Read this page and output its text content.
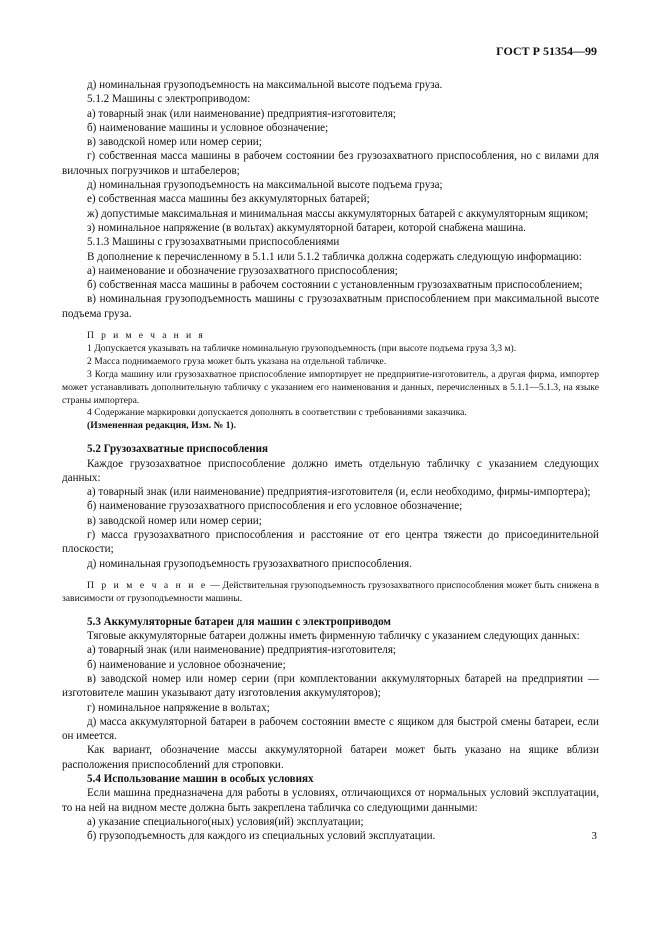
ГОСТ Р 51354—99

д) номинальная грузоподъемность на максимальной высоте подъема груза.

5.1.2 Машины с электроприводом:

а) товарный знак (или наименование) предприятия-изготовителя;

б) наименование машины и условное обозначение;

в) заводской номер или номер серии;

г) собственная масса машины в рабочем состоянии без грузозахватного приспособления, но с вилами для вилочных погрузчиков и штабелеров;

д) номинальная грузоподъемность на максимальной высоте подъема груза;

е) собственная масса машины без аккумуляторных батарей;

ж) допустимые максимальная и минимальная массы аккумуляторных батарей с аккумуляторным ящиком;

з) номинальное напряжение (в вольтах) аккумуляторной батареи, которой снабжена машина.

5.1.3 Машины с грузозахватными приспособлениями

В дополнение к перечисленному в 5.1.1 или 5.1.2 табличка должна содержать следующую информацию:

а) наименование и обозначение грузозахватного приспособления;

б) собственная масса машины в рабочем состоянии с установленным грузозахватным приспособлением;

в) номинальная грузоподъемность машины с грузозахватным приспособлением при максимальной высоте подъема груза.

П р и м е ч а н и я

1 Допускается указывать на табличке номинальную грузоподъемность (при высоте подъема груза 3,3 м).

2 Масса поднимаемого груза может быть указана на отдельной табличке.

3 Когда машину или грузозахватное приспособление импортирует не предприятие-изготовитель, а другая фирма, импортер может устанавливать дополнительную табличку с указанием его наименования и данных, перечисленных в 5.1.1—5.1.3, на языке страны импортера.

4 Содержание маркировки допускается дополнять в соответствии с требованиями заказчика.

(Измененная редакция, Изм. № 1).

5.2 Грузозахватные приспособления

Каждое грузозахватное приспособление должно иметь отдельную табличку с указанием следующих данных:

а) товарный знак (или наименование) предприятия-изготовителя (и, если необходимо, фирмы-импортера);

б) наименование грузозахватного приспособления и его условное обозначение;

в) заводской номер или номер серии;

г) масса грузозахватного приспособления и расстояние от его центра тяжести до присоединительной плоскости;

д) номинальная грузоподъемность грузозахватного приспособления.

П р и м е ч а н и е — Действительная грузоподъемность грузозахватного приспособления может быть снижена в зависимости от грузоподъемности машины.

5.3 Аккумуляторные батареи для машин с электроприводом

Тяговые аккумуляторные батареи должны иметь фирменную табличку с указанием следующих данных:

а) товарный знак (или наименование) предприятия-изготовителя;

б) наименование и условное обозначение;

в) заводской номер или номер серии (при комплектовании аккумуляторных батарей на предприятии — изготовителе машин указывают дату изготовления аккумуляторов);

г) номинальное напряжение в вольтах;

д) масса аккумуляторной батареи в рабочем состоянии вместе с ящиком для быстрой смены батареи, если он имеется.

Как вариант, обозначение массы аккумуляторной батареи может быть указано на ящике вблизи расположения приспособлений для строповки.

5.4 Использование машин в особых условиях

Если машина предназначена для работы в условиях, отличающихся от нормальных условий эксплуатации, то на ней на видном месте должна быть закреплена табличка со следующими данными:

а) указание специального(ных) условия(ий) эксплуатации;

б) грузоподъемность для каждого из специальных условий эксплуатации.	3
